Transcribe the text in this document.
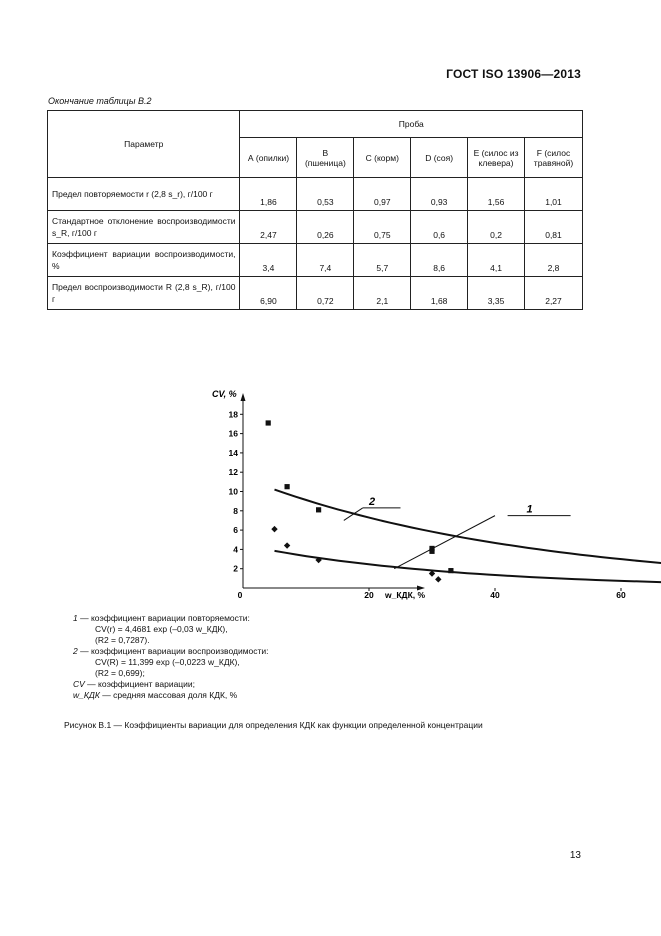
ГОСТ ISO 13906—2013
Окончание таблицы В.2
Параметр	Проба					
	А (опилки)	В (пшеница)	С (корм)	D (соя)	Е (силос из клевера)	F (силос травяной)
Предел повторяемости r (2,8 s_r), г/100 г	1,86	0,53	0,97	0,93	1,56	1,01
Стандартное отклонение воспроизводимости s_R, г/100 г	2,47	0,26	0,75	0,6	0,2	0,81
Коэффициент вариации воспроизводимости, %	3,4	7,4	5,7	8,6	4,1	2,8
Предел воспроизводимости R (2,8 s_R), г/100 г	6,90	0,72	2,1	1,68	3,35	2,27
CV, %
w_КДК, %
2
4
6
8
10
12
14
16
18
0	20	40	60
1
2
1 — коэффициент вариации повторяемости:
CV(r) = 4,4681 exp (–0,03 w_КДК),
(R2 = 0,7287).
2 — коэффициент вариации воспроизводимости:
CV(R) = 11,399 exp (–0,0223 w_КДК),
(R2 = 0,699);
CV — коэффициент вариации;
w_КДК — средняя массовая доля КДК, %
Рисунок В.1 — Коэффициенты вариации для определения КДК как функции определенной концентрации
13
